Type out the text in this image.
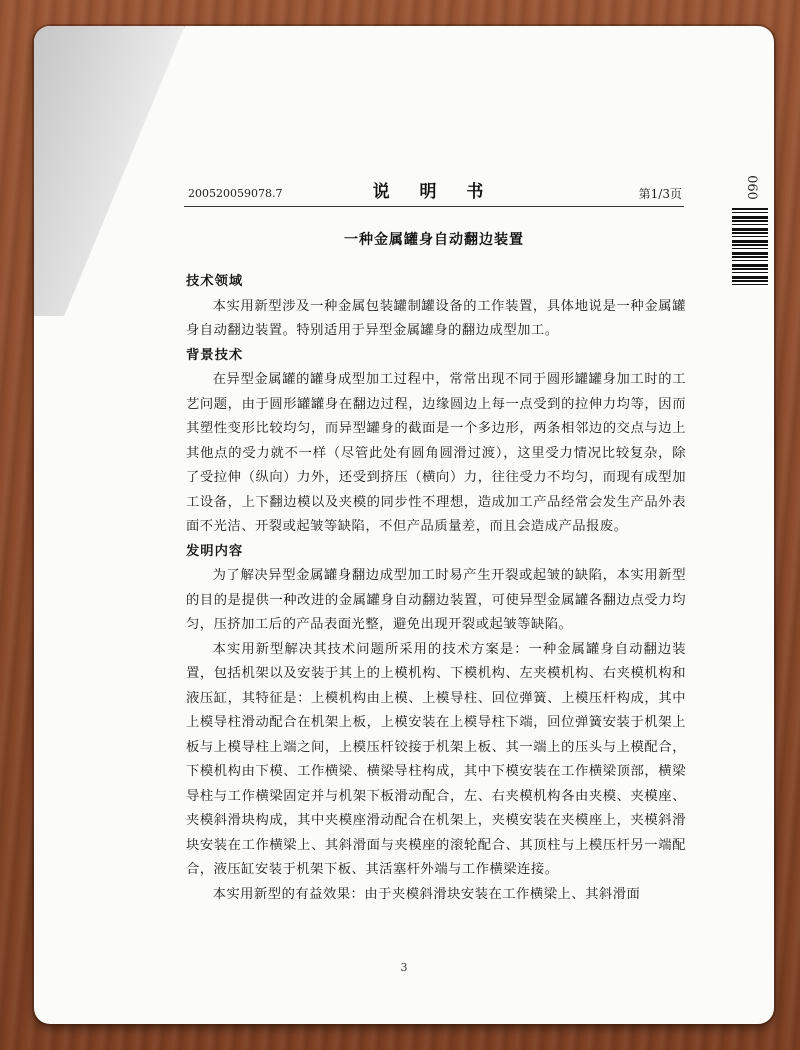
060
200520059078.7	说 明 书	第1/3页
一种金属罐身自动翻边装置

技术领域

本实用新型涉及一种金属包装罐制罐设备的工作装置，具体地说是一种金属罐身自动翻边装置。特别适用于异型金属罐身的翻边成型加工。

背景技术

在异型金属罐的罐身成型加工过程中，常常出现不同于圆形罐罐身加工时的工艺问题，由于圆形罐罐身在翻边过程，边缘圆边上每一点受到的拉伸力均等，因而其塑性变形比较均匀，而异型罐身的截面是一个多边形，两条相邻边的交点与边上其他点的受力就不一样（尽管此处有圆角圆滑过渡），这里受力情况比较复杂，除了受拉伸（纵向）力外，还受到挤压（横向）力，往往受力不均匀，而现有成型加工设备，上下翻边模以及夹模的同步性不理想，造成加工产品经常会发生产品外表面不光洁、开裂或起皱等缺陷，不但产品质量差，而且会造成产品报废。

发明内容

为了解决异型金属罐身翻边成型加工时易产生开裂或起皱的缺陷，本实用新型的目的是提供一种改进的金属罐身自动翻边装置，可使异型金属罐各翻边点受力均匀，压挤加工后的产品表面光整，避免出现开裂或起皱等缺陷。

本实用新型解决其技术问题所采用的技术方案是：一种金属罐身自动翻边装置，包括机架以及安装于其上的上模机构、下模机构、左夹模机构、右夹模机构和液压缸，其特征是：上模机构由上模、上模导柱、回位弹簧、上模压杆构成，其中上模导柱滑动配合在机架上板，上模安装在上模导柱下端，回位弹簧安装于机架上板与上模导柱上端之间，上模压杆铰接于机架上板、其一端上的压头与上模配合，下模机构由下模、工作横梁、横梁导柱构成，其中下模安装在工作横梁顶部，横梁导柱与工作横梁固定并与机架下板滑动配合，左、右夹模机构各由夹模、夹模座、夹模斜滑块构成，其中夹模座滑动配合在机架上，夹模安装在夹模座上，夹模斜滑块安装在工作横梁上、其斜滑面与夹模座的滚轮配合、其顶柱与上模压杆另一端配合，液压缸安装于机架下板、其活塞杆外端与工作横梁连接。

本实用新型的有益效果：由于夹模斜滑块安装在工作横梁上、其斜滑面

3
